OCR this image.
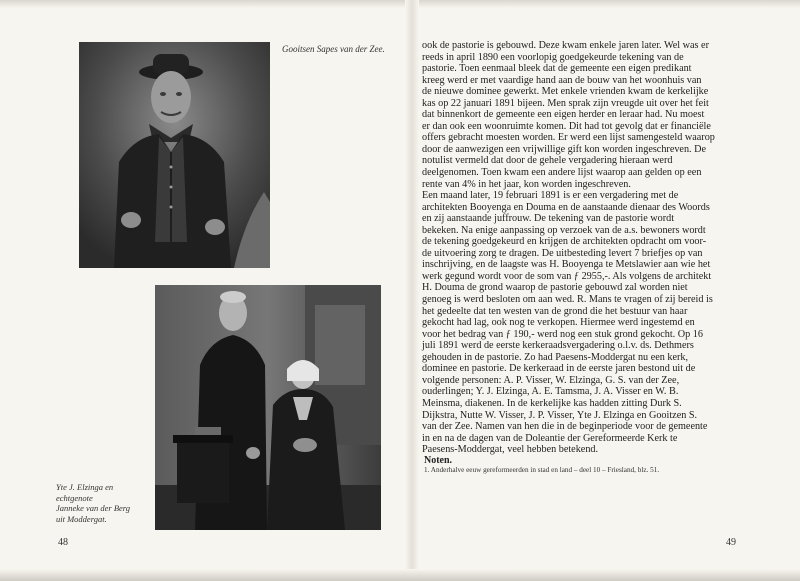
Gooitsen Sapes van der Zee.
Yte J. Elzinga en
echtgenote
Janneke van der Berg
uit Moddergat.
48

ook de pastorie is gebouwd. Deze kwam enkele jaren later. Wel was er

reeds in april 1890 een voorlopig goedgekeurde tekening van de

pastorie. Toen eenmaal bleek dat de gemeente een eigen predikant

kreeg werd er met vaardige hand aan de bouw van het woonhuis van

de nieuwe dominee gewerkt. Met enkele vrienden kwam de kerkelijke

kas op 22 januari 1891 bijeen. Men sprak zijn vreugde uit over het feit

dat binnenkort de gemeente een eigen herder en leraar had. Nu moest

er dan ook een woonruimte komen. Dit had tot gevolg dat er financiële

offers gebracht moesten worden. Er werd een lijst samengesteld waarop

door de aanwezigen een vrijwillige gift kon worden ingeschreven. De

notulist vermeld dat door de gehele vergadering hieraan werd

deelgenomen. Toen kwam een andere lijst waarop aan gelden op een

rente van 4% in het jaar, kon worden ingeschreven.

Een maand later, 19 februari 1891 is er een vergadering met de

architekten Booyenga en Douma en de aanstaande dienaar des Woords

en zij aanstaande juffrouw. De tekening van de pastorie wordt

bekeken. Na enige aanpassing op verzoek van de a.s. bewoners wordt

de tekening goedgekeurd en krijgen de architekten opdracht om voor-

de uitvoering zorg te dragen. De uitbesteding levert 7 briefjes op van

inschrijving, en de laagste was H. Booyenga te Metslawier aan wie het

werk gegund wordt voor de som van ƒ 2955,-. Als volgens de architekt

H. Douma de grond waarop de pastorie gebouwd zal worden niet

genoeg is werd besloten om aan wed. R. Mans te vragen of zij bereid is

het gedeelte dat ten westen van de grond die het bestuur van haar

gekocht had lag, ook nog te verkopen. Hiermee werd ingestemd en

voor het bedrag van ƒ 190,- werd nog een stuk grond gekocht. Op 16

juli 1891 werd de eerste kerkeraadsvergadering o.l.v. ds. Dethmers

gehouden in de pastorie. Zo had Paesens-Moddergat nu een kerk,

dominee en pastorie. De kerkeraad in de eerste jaren bestond uit de

volgende personen: A. P. Visser, W. Elzinga, G. S. van der Zee,

ouderlingen; Y. J. Elzinga, A. E. Tamsma, J. A. Visser en W. B.

Meinsma, diakenen. In de kerkelijke kas hadden zitting Durk S.

Dijkstra, Nutte W. Visser, J. P. Visser, Yte J. Elzinga en Gooitzen S.

van der Zee. Namen van hen die in de beginperiode voor de gemeente

in en na de dagen van de Doleantie der Gereformeerde Kerk te

Paesens-Moddergat, veel hebben betekend.

Noten.
1. Anderhalve eeuw gereformeerden in stad en land – deel 10 – Friesland, blz. 51.
49
